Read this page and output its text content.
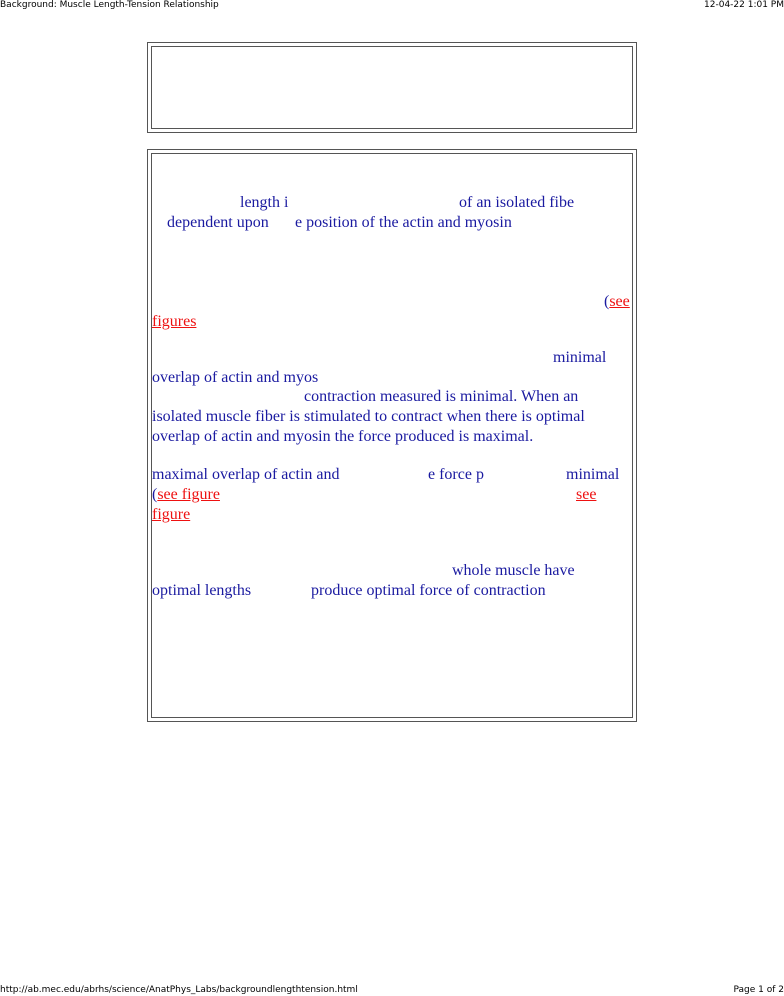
Background: Muscle Length-Tension Relationship	12-04-22 1:01 PM
length i	of an isolated fibe
dependent upon e position of the actin and myosin
(see
figures
minimal
overlap of actin and myos
contraction measured is minimal. When an
isolated muscle fiber is stimulated to contract when there is optimal
overlap of actin and myosin the force produced is maximal.
maximal overlap of actin and	e force p	minimal
(see figure	see
figure
whole muscle have
optimal lengths	produce optimal force of contraction
http://ab.mec.edu/abrhs/science/AnatPhys_Labs/backgroundlengthtension.html	Page 1 of 2
